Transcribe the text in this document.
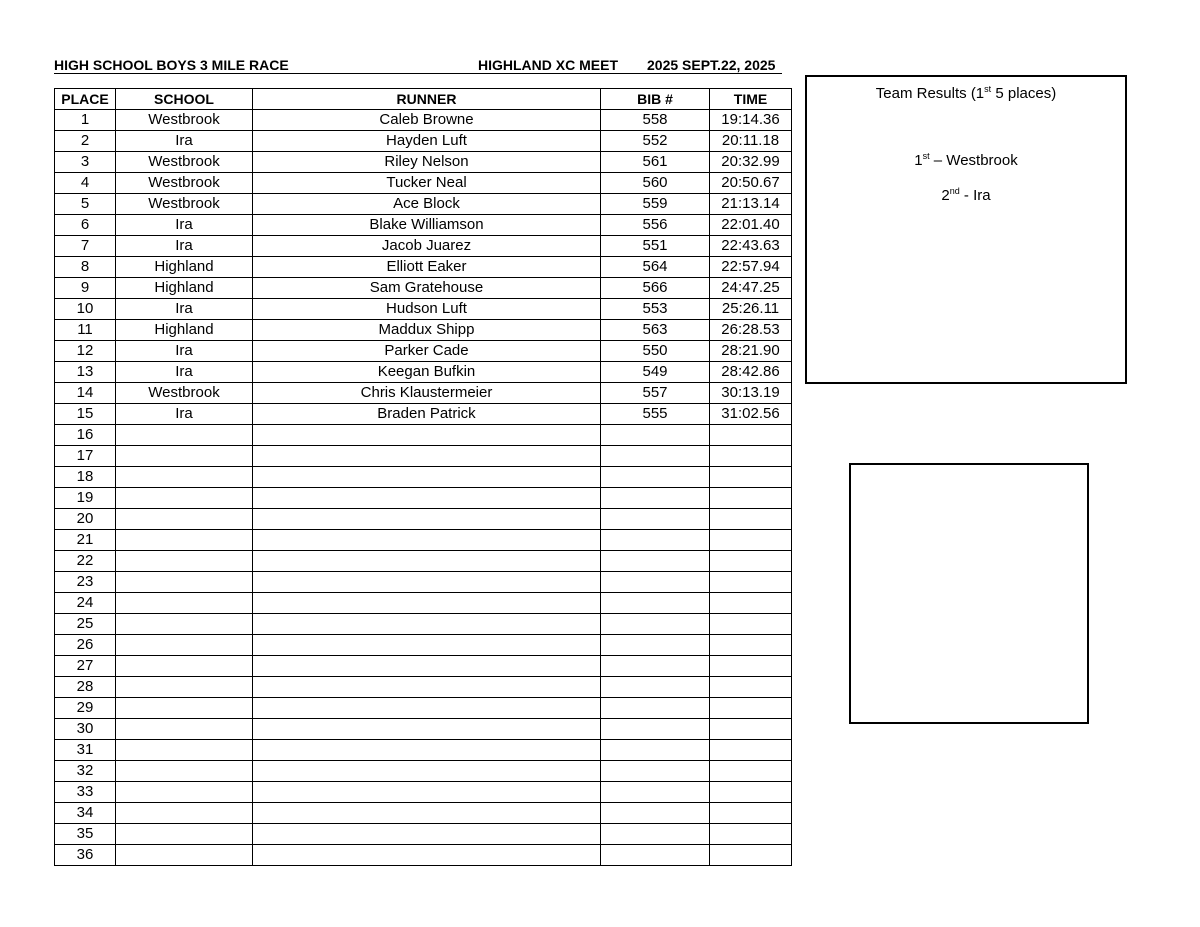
HIGH SCHOOL BOYS 3 MILE RACE	HIGHLAND XC MEET 2025 SEPT.22, 2025
PLACE	SCHOOL	RUNNER	BIB #	TIME
1	Westbrook	Caleb Browne	558	19:14.36
2	Ira	Hayden Luft	552	20:11.18
3	Westbrook	Riley Nelson	561	20:32.99
4	Westbrook	Tucker Neal	560	20:50.67
5	Westbrook	Ace Block	559	21:13.14
6	Ira	Blake Williamson	556	22:01.40
7	Ira	Jacob Juarez	551	22:43.63
8	Highland	Elliott Eaker	564	22:57.94
9	Highland	Sam Gratehouse	566	24:47.25
10	Ira	Hudson Luft	553	25:26.11
11	Highland	Maddux Shipp	563	26:28.53
12	Ira	Parker Cade	550	28:21.90
13	Ira	Keegan Bufkin	549	28:42.86
14	Westbrook	Chris Klaustermeier	557	30:13.19
15	Ira	Braden Patrick	555	31:02.56
16				
17				
18				
19				
20				
21				
22				
23				
24				
25				
26				
27				
28				
29				
30				
31				
32				
33				
34				
35				
36				
Team Results (1st 5 places)
1st – Westbrook
2nd - Ira
